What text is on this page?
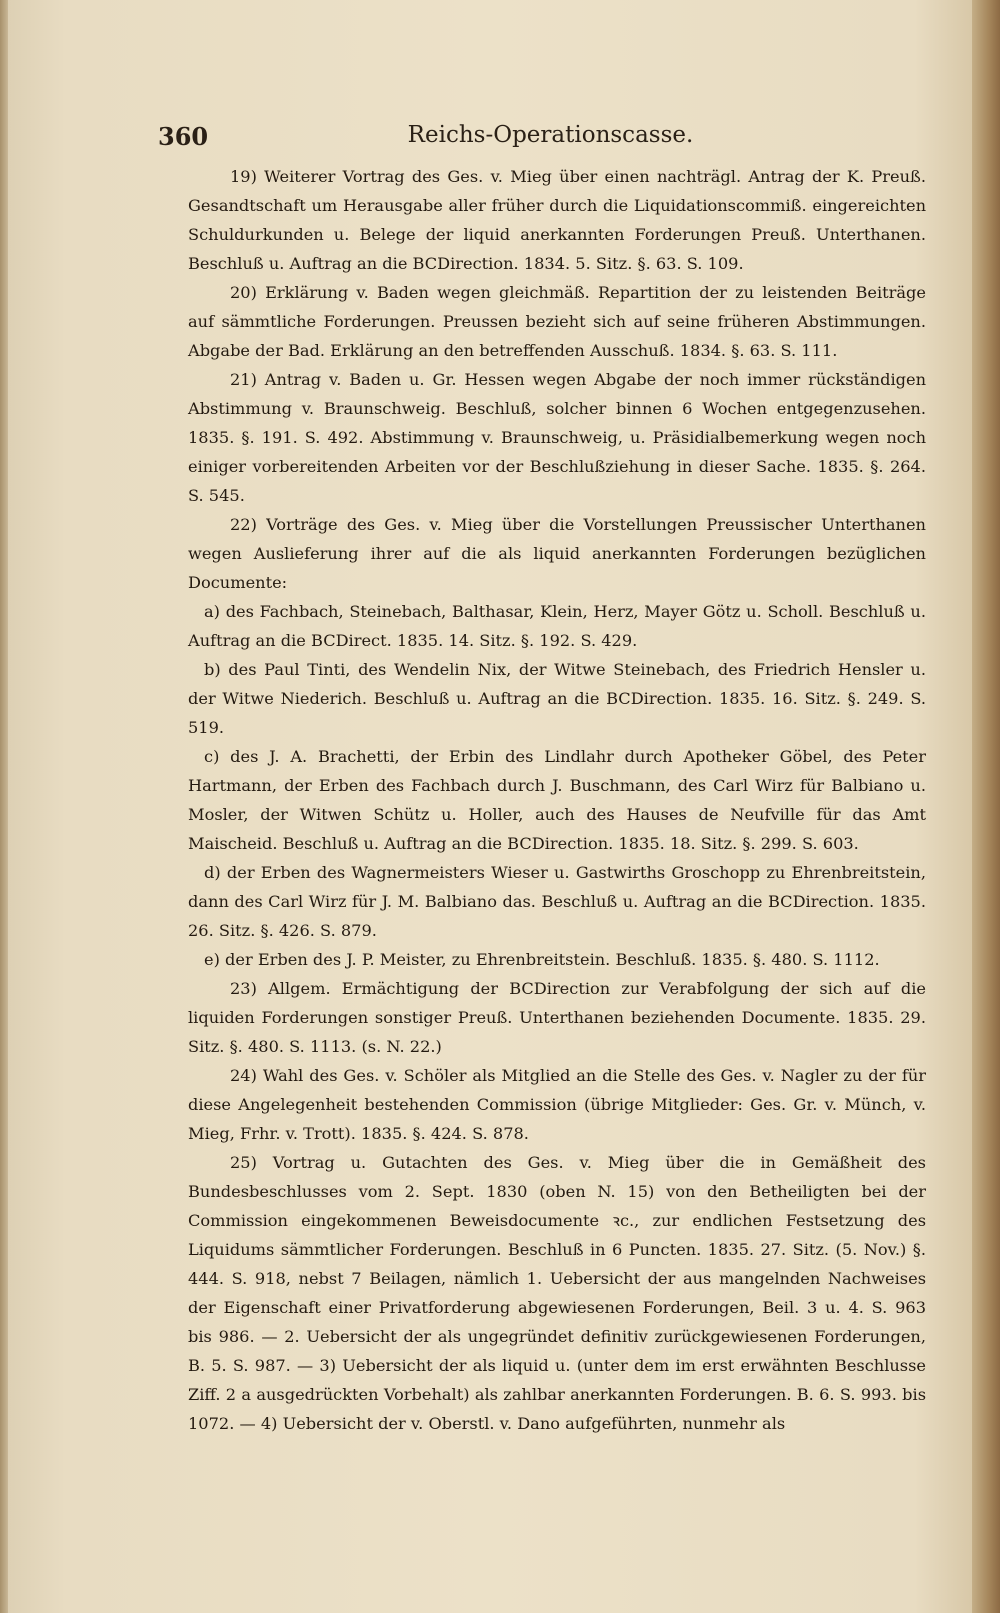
360	Reichs-Operationscasse.

19) Weiterer Vortrag des Ges. v. Mieg über einen nachträgl. Antrag der K. Preuß. Gesandtschaft um Herausgabe aller früher durch die Liquidationscommiß. eingereichten Schuldurkunden u. Belege der liquid anerkannten Forderungen Preuß. Unterthanen. Beschluß u. Auftrag an die BCDirection. 1834. 5. Sitz. §. 63. S. 109.

20) Erklärung v. Baden wegen gleichmäß. Repartition der zu leistenden Beiträge auf sämmtliche Forderungen. Preussen bezieht sich auf seine früheren Abstimmungen. Abgabe der Bad. Erklärung an den betreffenden Ausschuß. 1834. §. 63. S. 111.

21) Antrag v. Baden u. Gr. Hessen wegen Abgabe der noch immer rückständigen Abstimmung v. Braunschweig. Beschluß, solcher binnen 6 Wochen entgegenzusehen. 1835. §. 191. S. 492. Abstimmung v. Braunschweig, u. Präsidialbemerkung wegen noch einiger vorbereitenden Arbeiten vor der Beschlußziehung in dieser Sache. 1835. §. 264. S. 545.

22) Vorträge des Ges. v. Mieg über die Vorstellungen Preussischer Unterthanen wegen Auslieferung ihrer auf die als liquid anerkannten Forderungen bezüglichen Documente:

a) des Fachbach, Steinebach, Balthasar, Klein, Herz, Mayer Götz u. Scholl. Beschluß u. Auftrag an die BCDirect. 1835. 14. Sitz. §. 192. S. 429.

b) des Paul Tinti, des Wendelin Nix, der Witwe Steinebach, des Friedrich Hensler u. der Witwe Niederich. Beschluß u. Auftrag an die BCDirection. 1835. 16. Sitz. §. 249. S. 519.

c) des J. A. Brachetti, der Erbin des Lindlahr durch Apotheker Göbel, des Peter Hartmann, der Erben des Fachbach durch J. Buschmann, des Carl Wirz für Balbiano u. Mosler, der Witwen Schütz u. Holler, auch des Hauses de Neufville für das Amt Maischeid. Beschluß u. Auftrag an die BCDirection. 1835. 18. Sitz. §. 299. S. 603.

d) der Erben des Wagnermeisters Wieser u. Gastwirths Groschopp zu Ehrenbreitstein, dann des Carl Wirz für J. M. Balbiano das. Beschluß u. Auftrag an die BCDirection. 1835. 26. Sitz. §. 426. S. 879.

e) der Erben des J. P. Meister, zu Ehrenbreitstein. Beschluß. 1835. §. 480. S. 1112.

23) Allgem. Ermächtigung der BCDirection zur Verabfolgung der sich auf die liquiden Forderungen sonstiger Preuß. Unterthanen beziehenden Documente. 1835. 29. Sitz. §. 480. S. 1113. (s. N. 22.)

24) Wahl des Ges. v. Schöler als Mitglied an die Stelle des Ges. v. Nagler zu der für diese Angelegenheit bestehenden Commission (übrige Mitglieder: Ges. Gr. v. Münch, v. Mieg, Frhr. v. Trott). 1835. §. 424. S. 878.

25) Vortrag u. Gutachten des Ges. v. Mieg über die in Gemäßheit des Bundesbeschlusses vom 2. Sept. 1830 (oben N. 15) von den Betheiligten bei der Commission eingekommenen Beweisdocumente ꝛc., zur endlichen Festsetzung des Liquidums sämmtlicher Forderungen. Beschluß in 6 Puncten. 1835. 27. Sitz. (5. Nov.) §. 444. S. 918, nebst 7 Beilagen, nämlich 1. Uebersicht der aus mangelnden Nachweises der Eigenschaft einer Privatforderung abgewiesenen Forderungen, Beil. 3 u. 4. S. 963 bis 986. — 2. Uebersicht der als ungegründet definitiv zurückgewiesenen Forderungen, B. 5. S. 987. — 3) Uebersicht der als liquid u. (unter dem im erst erwähnten Beschlusse Ziff. 2 a ausgedrückten Vorbehalt) als zahlbar anerkannten Forderungen. B. 6. S. 993. bis 1072. — 4) Uebersicht der v. Oberstl. v. Dano aufgeführten, nunmehr als
